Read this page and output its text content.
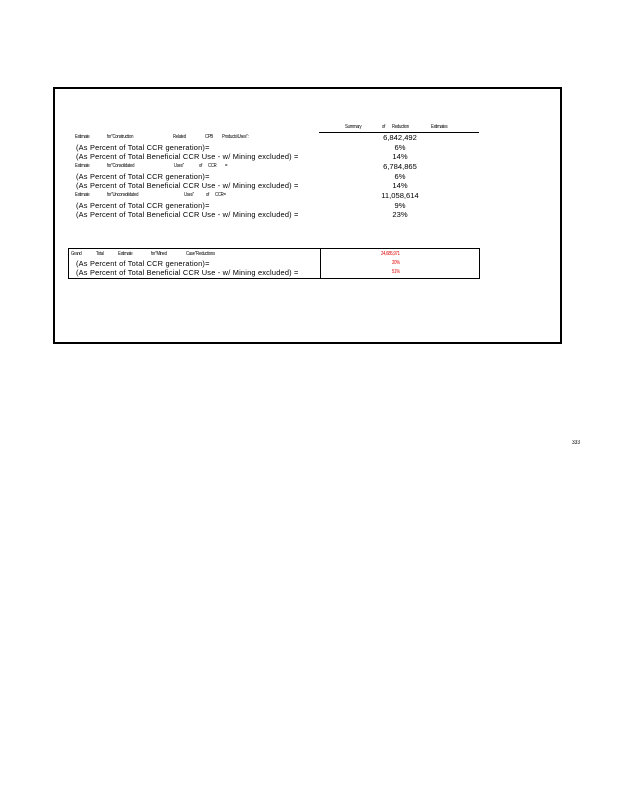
Summary	of Reduction	Estimates
Estimate	for"Construction	Related	CPB Products\Uses":	6,842,492
(As Percent of Total CCR generation)=	6%
(As Percent of Total Beneficial CCR Use - w/ Mining excluded) =	14%
Estimate	for"Consolidated	Uses"	of CCR =	6,784,865
(As Percent of Total CCR generation)=	6%
(As Percent of Total Beneficial CCR Use - w/ Mining excluded) =	14%
Estimate	for"Unconsolidated	Uses" of CCR=	11,058,614
(As Percent of Total CCR generation)=	9%
(As Percent of Total Beneficial CCR Use - w/ Mining excluded) =	23%
Grand	Total	Estimate	for"Mined	Case"Reductions	24,685,971
(As Percent of Total CCR generation)=	20%
(As Percent of Total Beneficial CCR Use - w/ Mining excluded) =	51%
333
